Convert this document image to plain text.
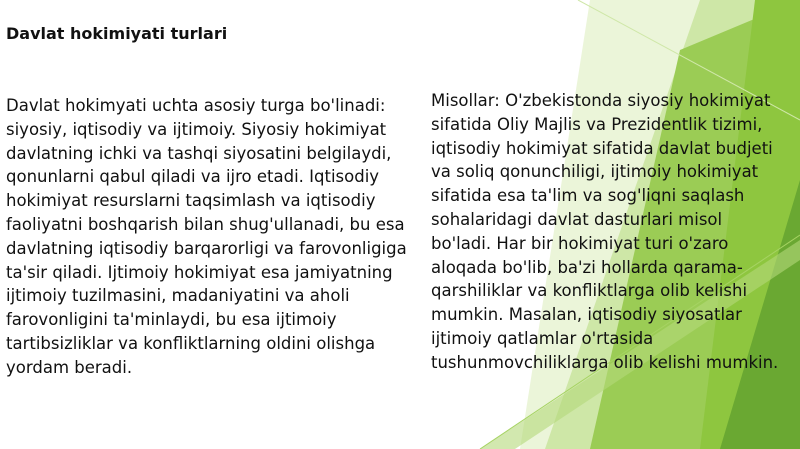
Davlat hokimiyati turlari

Davlat hokimyati uchta asosiy turga bo'linadi: siyosiy, iqtisodiy va ijtimoiy. Siyosiy hokimiyat davlatning ichki va tashqi siyosatini belgilaydi, qonunlarni qabul qiladi va ijro etadi. Iqtisodiy hokimiyat resurslarni taqsimlash va iqtisodiy faoliyatni boshqarish bilan shug'ullanadi, bu esa davlatning iqtisodiy barqarorligi va farovonligiga ta'sir qiladi. Ijtimoiy hokimiyat esa jamiyatning ijtimoiy tuzilmasini, madaniyatini va aholi farovonligini ta'minlaydi, bu esa ijtimoiy tartibsizliklar va konfliktlarning oldini olishga yordam beradi.

Misollar: O'zbekistonda siyosiy hokimiyat sifatida Oliy Majlis va Prezidentlik tizimi, iqtisodiy hokimiyat sifatida davlat budjeti va soliq qonunchiligi, ijtimoiy hokimiyat sifatida esa ta'lim va sog'liqni saqlash sohalaridagi davlat dasturlari misol bo'ladi. Har bir hokimiyat turi o'zaro aloqada bo'lib, ba'zi hollarda qarama-qarshiliklar va konfliktlarga olib kelishi mumkin. Masalan, iqtisodiy siyosatlar ijtimoiy qatlamlar o'rtasida tushunmovchiliklarga olib kelishi mumkin.
